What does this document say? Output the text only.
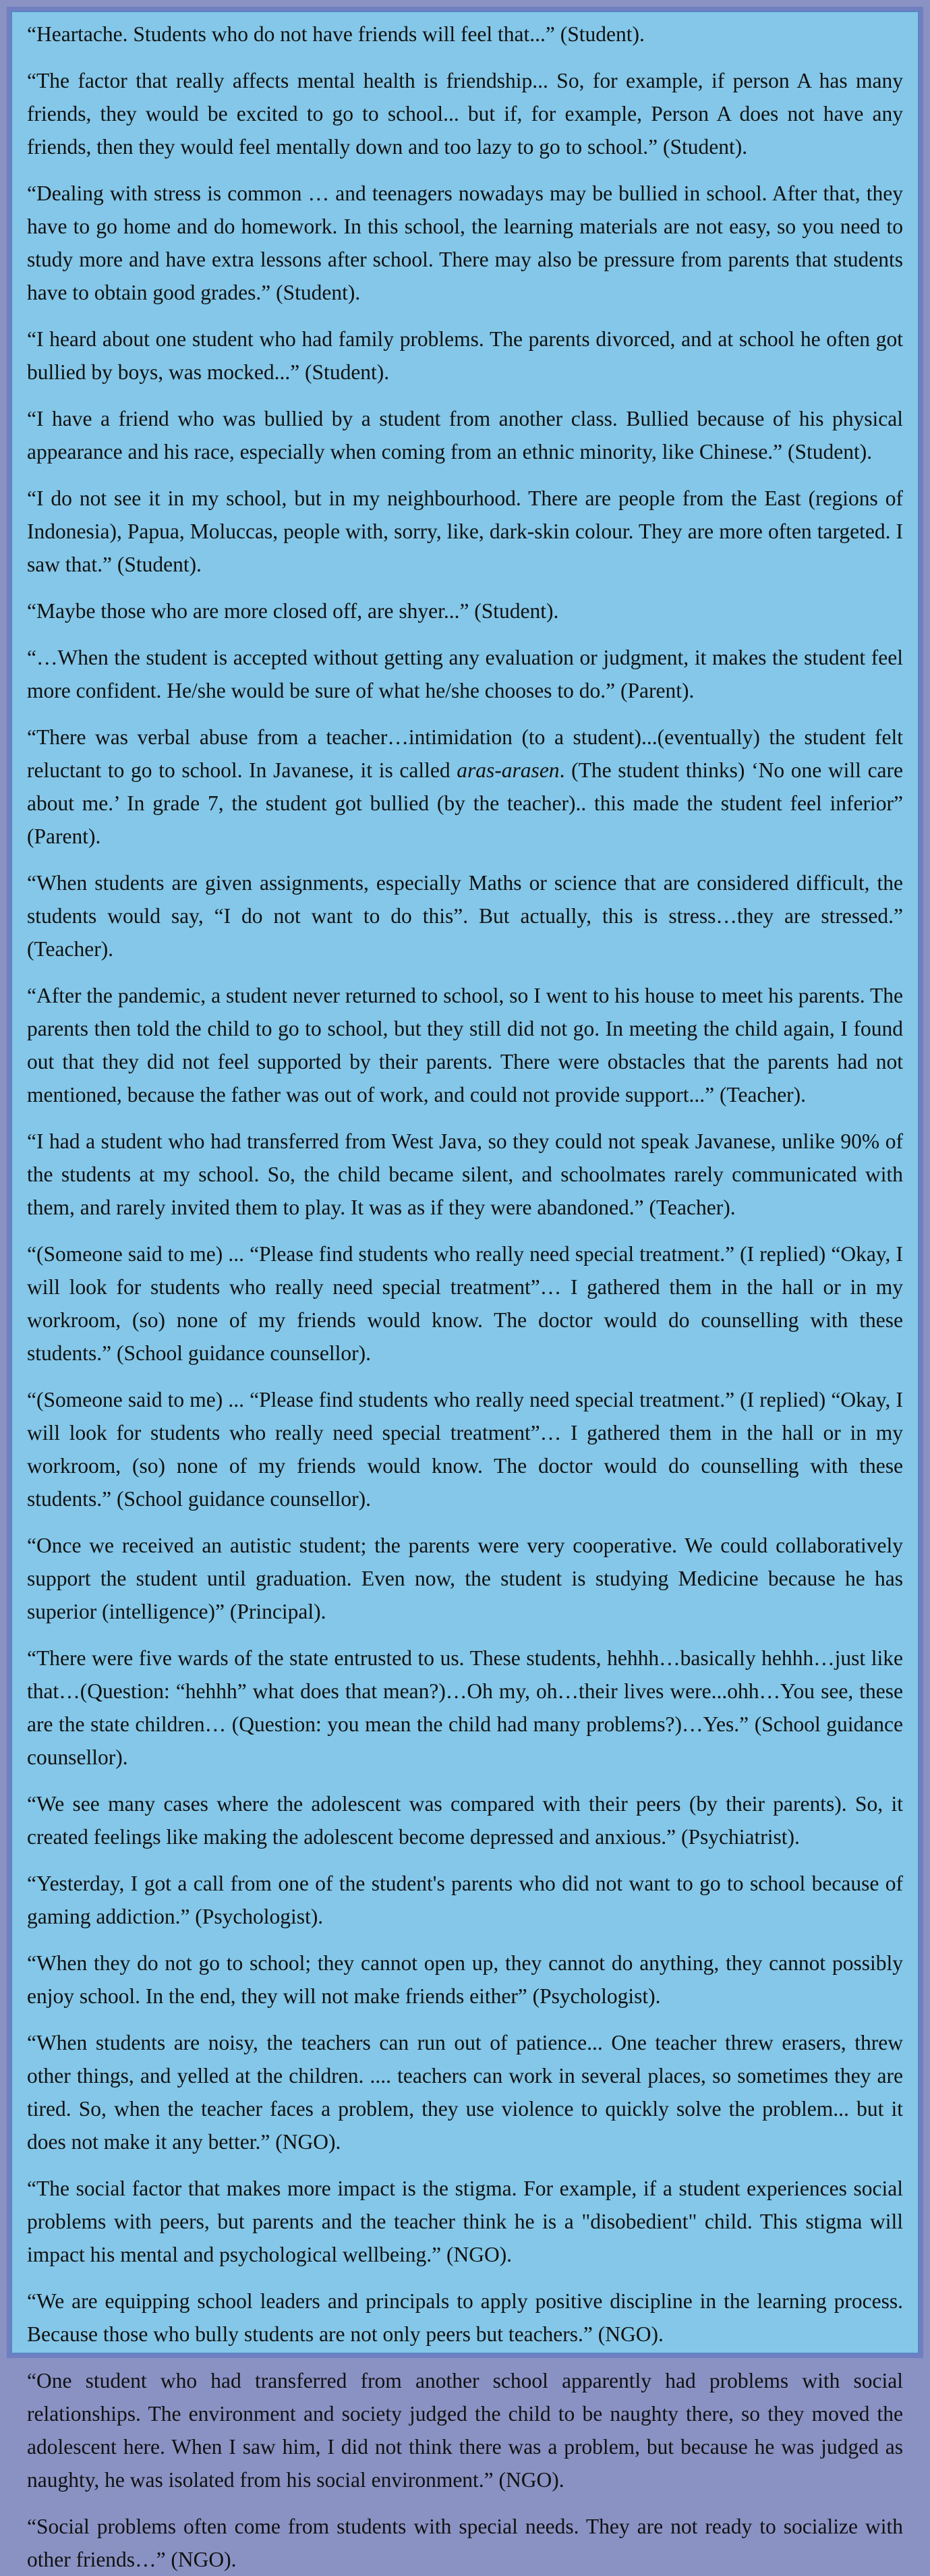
“Heartache. Students who do not have friends will feel that...” (Student).

“The factor that really affects mental health is friendship... So, for example, if person A has many friends, they would be excited to go to school... but if, for example, Person A does not have any friends, then they would feel mentally down and too lazy to go to school.” (Student).

“Dealing with stress is common … and teenagers nowadays may be bullied in school. After that, they have to go home and do homework. In this school, the learning materials are not easy, so you need to study more and have extra lessons after school. There may also be pressure from parents that students have to obtain good grades.” (Student).

“I heard about one student who had family problems. The parents divorced, and at school he often got bullied by boys, was mocked...” (Student).

“I have a friend who was bullied by a student from another class. Bullied because of his physical appearance and his race, especially when coming from an ethnic minority, like Chinese.” (Student).

“I do not see it in my school, but in my neighbourhood. There are people from the East (regions of Indonesia), Papua, Moluccas, people with, sorry, like, dark-skin colour. They are more often targeted. I saw that.” (Student).

“Maybe those who are more closed off, are shyer...” (Student).

“…When the student is accepted without getting any evaluation or judgment, it makes the student feel more confident. He/she would be sure of what he/she chooses to do.” (Parent).

“There was verbal abuse from a teacher…intimidation (to a student)...(eventually) the student felt reluctant to go to school. In Javanese, it is called aras-arasen. (The student thinks) ‘No one will care about me.’ In grade 7, the student got bullied (by the teacher).. this made the student feel inferior” (Parent).

“When students are given assignments, especially Maths or science that are considered difficult, the students would say, “I do not want to do this”. But actually, this is stress…they are stressed.” (Teacher).

“After the pandemic, a student never returned to school, so I went to his house to meet his parents. The parents then told the child to go to school, but they still did not go. In meeting the child again, I found out that they did not feel supported by their parents. There were obstacles that the parents had not mentioned, because the father was out of work, and could not provide support...” (Teacher).

“I had a student who had transferred from West Java, so they could not speak Javanese, unlike 90% of the students at my school. So, the child became silent, and schoolmates rarely communicated with them, and rarely invited them to play. It was as if they were abandoned.” (Teacher).

“(Someone said to me) ... “Please find students who really need special treatment.” (I replied) “Okay, I will look for students who really need special treatment”… I gathered them in the hall or in my workroom, (so) none of my friends would know. The doctor would do counselling with these students.” (School guidance counsellor).

“(Someone said to me) ... “Please find students who really need special treatment.” (I replied) “Okay, I will look for students who really need special treatment”… I gathered them in the hall or in my workroom, (so) none of my friends would know. The doctor would do counselling with these students.” (School guidance counsellor).

“Once we received an autistic student; the parents were very cooperative. We could collaboratively support the student until graduation. Even now, the student is studying Medicine because he has superior (intelligence)” (Principal).

“There were five wards of the state entrusted to us. These students, hehhh…basically hehhh…just like that…(Question: “hehhh” what does that mean?)…Oh my, oh…their lives were...ohh…You see, these are the state children… (Question: you mean the child had many problems?)…Yes.” (School guidance counsellor).

“We see many cases where the adolescent was compared with their peers (by their parents). So, it created feelings like making the adolescent become depressed and anxious.” (Psychiatrist).

“Yesterday, I got a call from one of the student's parents who did not want to go to school because of gaming addiction.” (Psychologist).

“When they do not go to school; they cannot open up, they cannot do anything, they cannot possibly enjoy school. In the end, they will not make friends either” (Psychologist).

“When students are noisy, the teachers can run out of patience... One teacher threw erasers, threw other things, and yelled at the children. .... teachers can work in several places, so sometimes they are tired. So, when the teacher faces a problem, they use violence to quickly solve the problem... but it does not make it any better.” (NGO).

“The social factor that makes more impact is the stigma. For example, if a student experiences social problems with peers, but parents and the teacher think he is a "disobedient" child. This stigma will impact his mental and psychological wellbeing.” (NGO).

“We are equipping school leaders and principals to apply positive discipline in the learning process. Because those who bully students are not only peers but teachers.” (NGO).

“One student who had transferred from another school apparently had problems with social relationships. The environment and society judged the child to be naughty there, so they moved the adolescent here. When I saw him, I did not think there was a problem, but because he was judged as naughty, he was isolated from his social environment.” (NGO).

“Social problems often come from students with special needs. They are not ready to socialize with other friends…” (NGO).
